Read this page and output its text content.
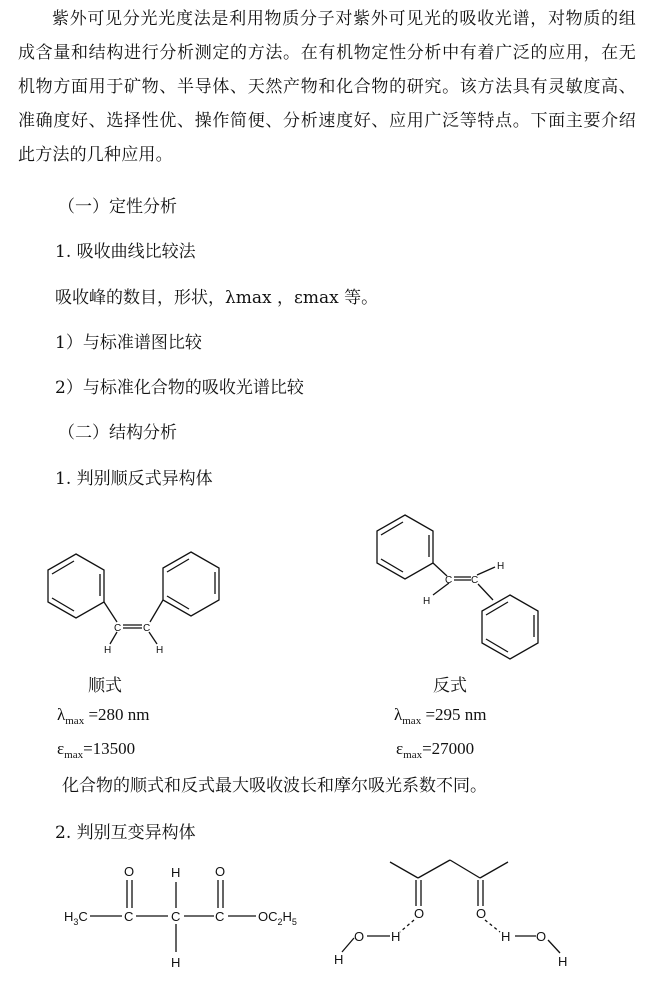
紫外可见分光光度法是利用物质分子对紫外可见光的吸收光谱，对物质的组成含量和结构进行分析测定的方法。在有机物定性分析中有着广泛的应用，在无机物方面用于矿物、半导体、天然产物和化合物的研究。该方法具有灵敏度高、准确度好、选择性优、操作简便、分析速度好、应用广泛等特点。下面主要介绍此方法的几种应用。

（一）定性分析

1. 吸收曲线比较法

吸收峰的数目，形状，λmax ，εmax 等。

1）与标准谱图比较

2）与标准化合物的吸收光谱比较

（二）结构分析

1. 判别顺反式异构体

C C
H	H
C C
H
H
顺式	反式
$\lambda_{max} =280$ nm
$\varepsilon_{max}=13500$
$\lambda_{max} =295$ nm
$\varepsilon_{max}=27000$

化合物的顺式和反式最大吸收波长和摩尔吸光系数不同。

2. 判别互变异构体

O	O
H
H
$H_3C$	C	C	C	$OC_2H_5$
O	O
O	O
H	H
H	H
